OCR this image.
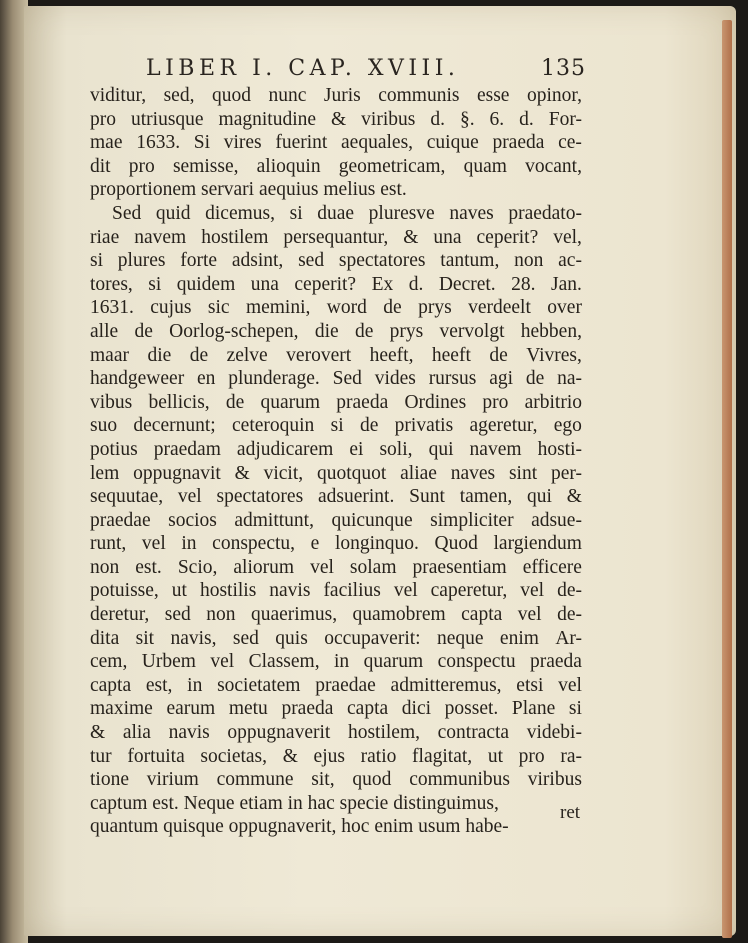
LIBER I. CAP. XVIII.	135
viditur, sed, quod nunc Juris communis esse opinor,
pro utriusque magnitudine & viribus d. §. 6. d. For-
mae 1633. Si vires fuerint aequales, cuique praeda ce-
dit pro semisse, alioquin geometricam, quam vocant,
proportionem servari aequius melius est.
Sed quid dicemus, si duae pluresve naves praedato-
riae navem hostilem persequantur, & una ceperit? vel,
si plures forte adsint, sed spectatores tantum, non ac-
tores, si quidem una ceperit? Ex d. Decret. 28. Jan.
1631. cujus sic memini, word de prys verdeelt over
alle de Oorlog-schepen, die de prys vervolgt hebben,
maar die de zelve verovert heeft, heeft de Vivres,
handgeweer en plunderage. Sed vides rursus agi de na-
vibus bellicis, de quarum praeda Ordines pro arbitrio
suo decernunt; ceteroquin si de privatis ageretur, ego
potius praedam adjudicarem ei soli, qui navem hosti-
lem oppugnavit & vicit, quotquot aliae naves sint per-
sequutae, vel spectatores adsuerint. Sunt tamen, qui &
praedae socios admittunt, quicunque simpliciter adsue-
runt, vel in conspectu, e longinquo. Quod largiendum
non est. Scio, aliorum vel solam praesentiam efficere
potuisse, ut hostilis navis facilius vel caperetur, vel de-
deretur, sed non quaerimus, quamobrem capta vel de-
dita sit navis, sed quis occupaverit: neque enim Ar-
cem, Urbem vel Classem, in quarum conspectu praeda
capta est, in societatem praedae admitteremus, etsi vel
maxime earum metu praeda capta dici posset. Plane si
& alia navis oppugnaverit hostilem, contracta videbi-
tur fortuita societas, & ejus ratio flagitat, ut pro ra-
tione virium commune sit, quod communibus viribus
captum est. Neque etiam in hac specie distinguimus,
quantum quisque oppugnaverit, hoc enim usum habe-
ret
